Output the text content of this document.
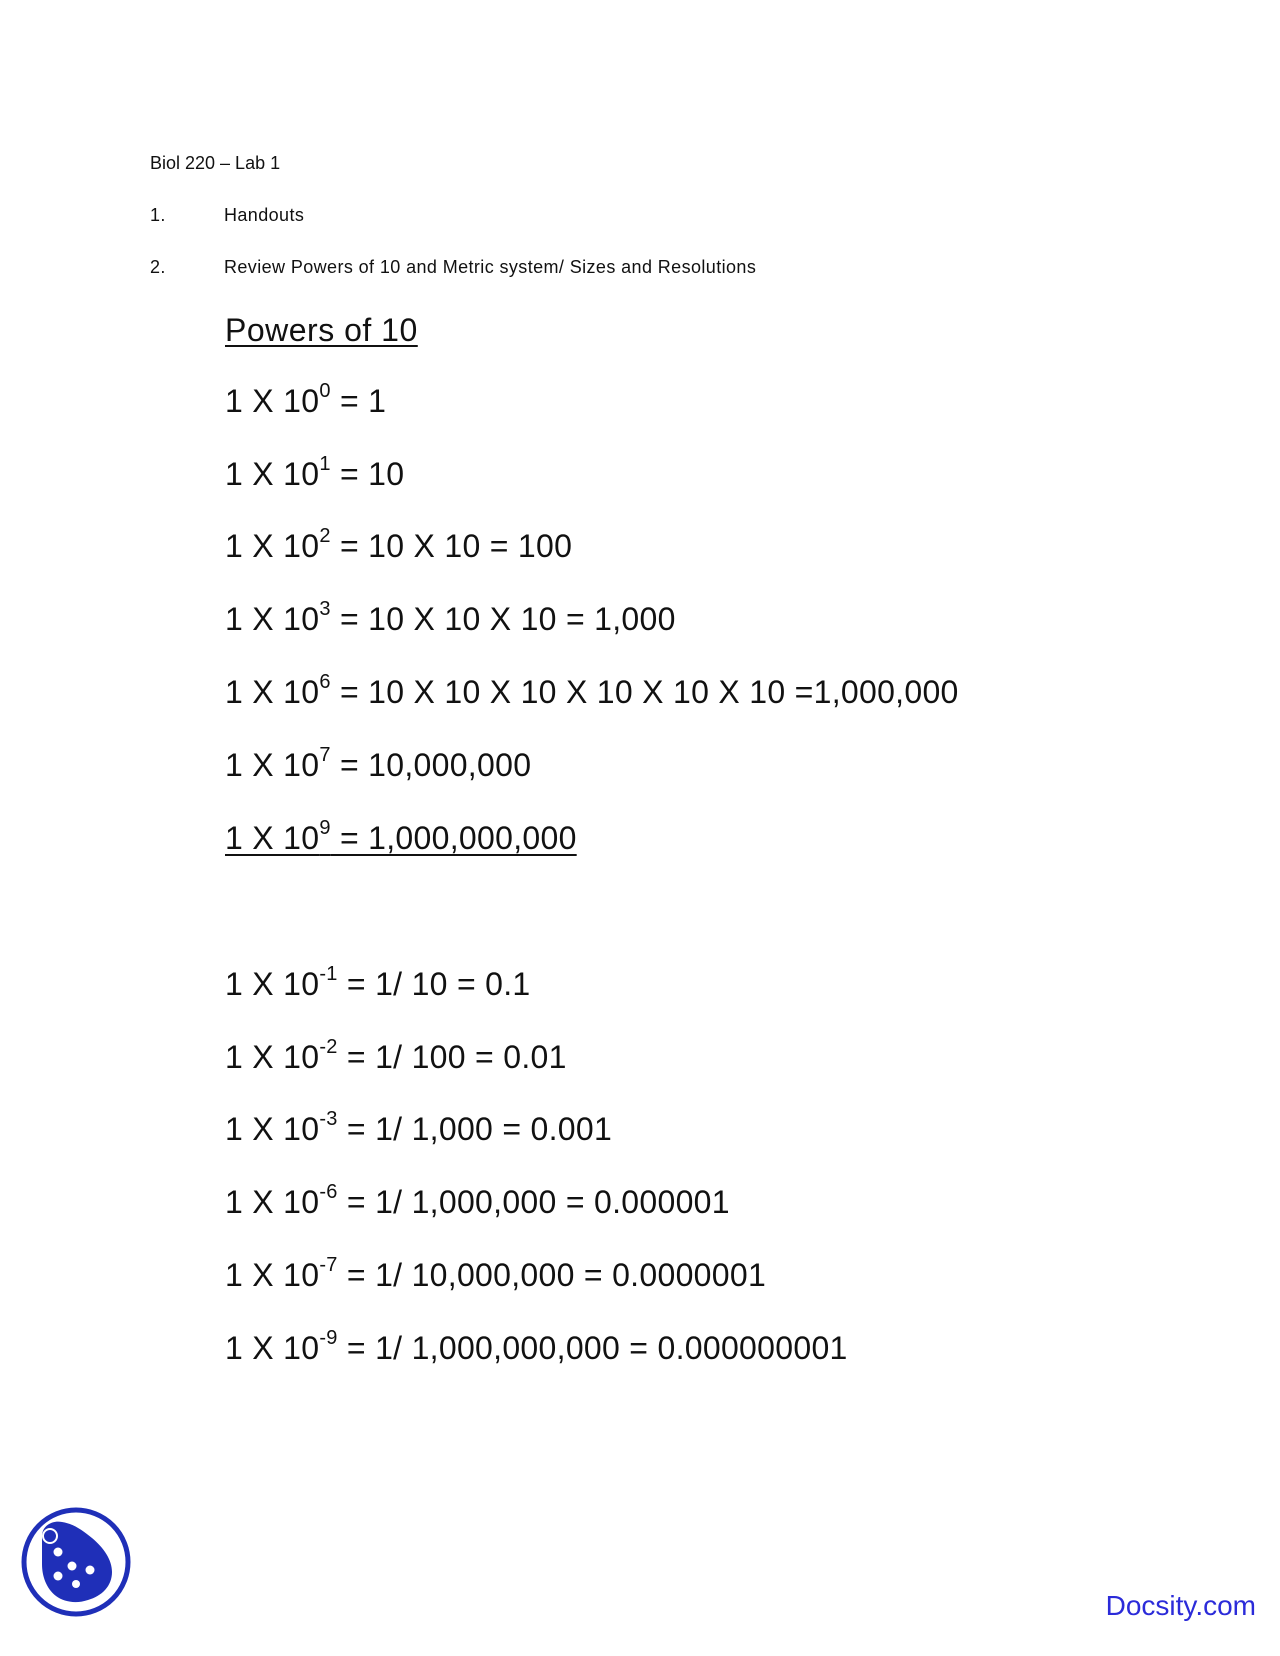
Biol 220 – Lab 1
1.	Handouts
2.	Review Powers of 10 and Metric system/ Sizes and Resolutions
Powers of 10
1 X $10^0 = 1$
1 X $10^1 = 10$
1 X $10^2 = 10$ X 10 = 100
1 X $10^3 = 10$ X 10 X 10 = 1,000
1 X $10^6 = 10$ X 10 X 10 X 10 X 10 X 10 =1,000,000
1 X $10^7 = 10,000,000$
1 X $10^9 = 1,000,000,000$
1 X $10^{-1} = 1/$ 10 = 0.1
1 X $10^{-2} = 1/$ 100 = 0.01
1 X $10^{-3} = 1/$ 1,000 = 0.001
1 X $10^{-6} = 1/$ 1,000,000 = 0.000001
1 X $10^{-7} = 1/$ 10,000,000 = 0.0000001
1 X $10^{-9} = 1/$ 1,000,000,000 = 0.000000001
Docsity.com
